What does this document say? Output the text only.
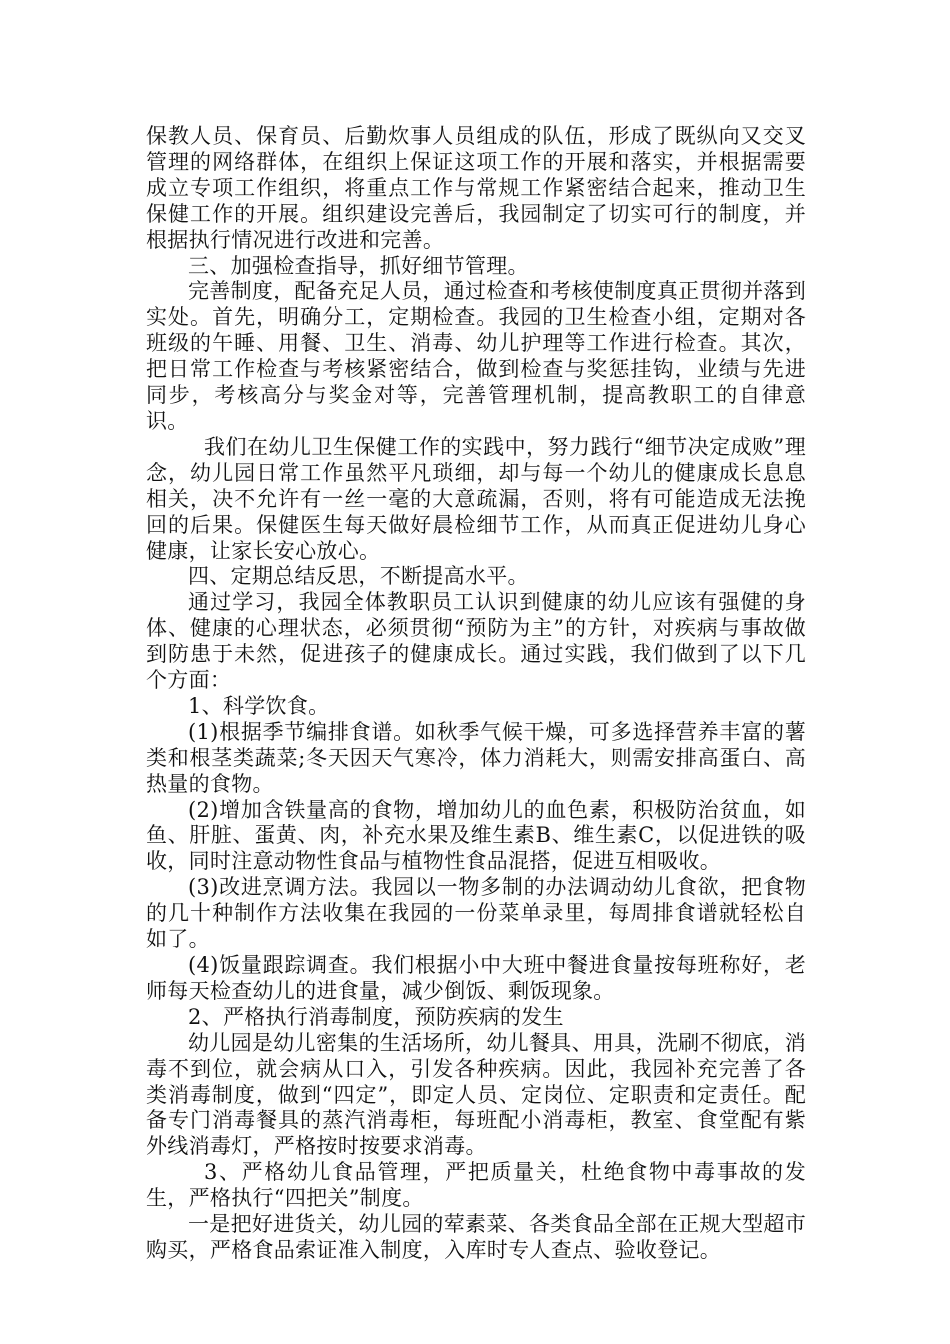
保教人员、保育员、后勤炊事人员组成的队伍，形成了既纵向又交叉管理的网络群体，在组织上保证这项工作的开展和落实，并根据需要成立专项工作组织，将重点工作与常规工作紧密结合起来，推动卫生保健工作的开展。组织建设完善后，我园制定了切实可行的制度，并根据执行情况进行改进和完善。

三、加强检查指导，抓好细节管理。

完善制度，配备充足人员，通过检查和考核使制度真正贯彻并落到实处。首先，明确分工，定期检查。我园的卫生检查小组，定期对各班级的午睡、用餐、卫生、消毒、幼儿护理等工作进行检查。其次，把日常工作检查与考核紧密结合，做到检查与奖惩挂钩，业绩与先进同步，考核高分与奖金对等，完善管理机制，提高教职工的自律意识。

我们在幼儿卫生保健工作的实践中，努力践行“细节决定成败”理念，幼儿园日常工作虽然平凡琐细，却与每一个幼儿的健康成长息息相关，决不允许有一丝一毫的大意疏漏，否则，将有可能造成无法挽回的后果。保健医生每天做好晨检细节工作，从而真正促进幼儿身心健康，让家长安心放心。

四、定期总结反思，不断提高水平。

通过学习，我园全体教职员工认识到健康的幼儿应该有强健的身体、健康的心理状态，必须贯彻“预防为主”的方针，对疾病与事故做到防患于未然，促进孩子的健康成长。通过实践，我们做到了以下几个方面：

1、科学饮食。

(1)根据季节编排食谱。如秋季气候干燥，可多选择营养丰富的薯类和根茎类蔬菜;冬天因天气寒冷，体力消耗大，则需安排高蛋白、高热量的食物。

(2)增加含铁量高的食物，增加幼儿的血色素，积极防治贫血，如鱼、肝脏、蛋黄、肉，补充水果及维生素B、维生素C，以促进铁的吸收，同时注意动物性食品与植物性食品混搭，促进互相吸收。

(3)改进烹调方法。我园以一物多制的办法调动幼儿食欲，把食物的几十种制作方法收集在我园的一份菜单录里，每周排食谱就轻松自如了。

(4)饭量跟踪调查。我们根据小中大班中餐进食量按每班称好，老师每天检查幼儿的进食量，减少倒饭、剩饭现象。

2、严格执行消毒制度，预防疾病的发生

幼儿园是幼儿密集的生活场所，幼儿餐具、用具，洗刷不彻底，消毒不到位，就会病从口入，引发各种疾病。因此，我园补充完善了各类消毒制度，做到“四定”，即定人员、定岗位、定职责和定责任。配备专门消毒餐具的蒸汽消毒柜，每班配小消毒柜，教室、食堂配有紫外线消毒灯，严格按时按要求消毒。

3、严格幼儿食品管理，严把质量关，杜绝食物中毒事故的发生，严格执行“四把关”制度。

一是把好进货关，幼儿园的荤素菜、各类食品全部在正规大型超市购买，严格食品索证准入制度，入库时专人查点、验收登记。
